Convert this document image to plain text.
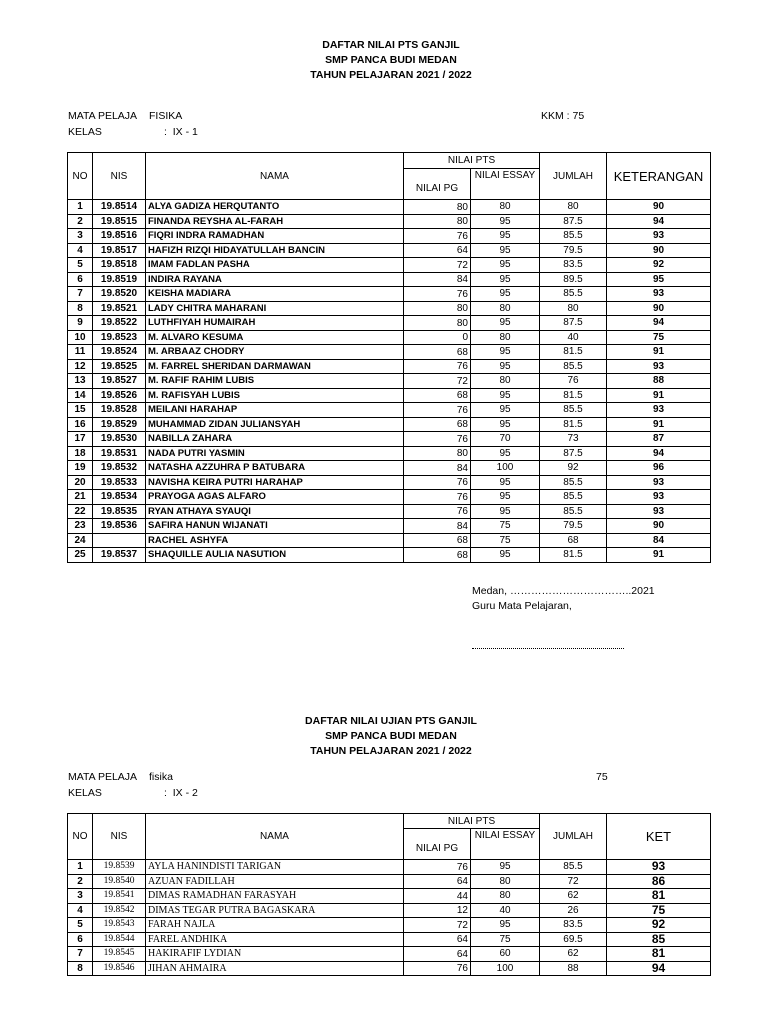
DAFTAR NILAI PTS GANJIL
SMP PANCA BUDI MEDAN
TAHUN PELAJARAN 2021 / 2022
MATA PELAJA FISIKA	KKM : 75
KELAS	:  IX - 1
NO	NIS	NAMA	NILAI PTS		JUMLAH	KETERANGAN
			NILAI PG	NILAI ESSAY		
1	19.8514	ALYA GADIZA HERQUTANTO	80	80	80	90
2	19.8515	FINANDA REYSHA AL-FARAH	80	95	87.5	94
3	19.8516	FIQRI INDRA RAMADHAN	76	95	85.5	93
4	19.8517	HAFIZH RIZQI HIDAYATULLAH BANCIN	64	95	79.5	90
5	19.8518	IMAM FADLAN PASHA	72	95	83.5	92
6	19.8519	INDIRA RAYANA	84	95	89.5	95
7	19.8520	KEISHA MADIARA	76	95	85.5	93
8	19.8521	LADY CHITRA MAHARANI	80	80	80	90
9	19.8522	LUTHFIYAH HUMAIRAH	80	95	87.5	94
10	19.8523	M. ALVARO KESUMA	0	80	40	75
11	19.8524	M. ARBAAZ CHODRY	68	95	81.5	91
12	19.8525	M. FARREL SHERIDAN DARMAWAN	76	95	85.5	93
13	19.8527	M. RAFIF RAHIM LUBIS	72	80	76	88
14	19.8526	M. RAFISYAH LUBIS	68	95	81.5	91
15	19.8528	MEILANI HARAHAP	76	95	85.5	93
16	19.8529	MUHAMMAD ZIDAN JULIANSYAH	68	95	81.5	91
17	19.8530	NABILLA ZAHARA	76	70	73	87
18	19.8531	NADA PUTRI YASMIN	80	95	87.5	94
19	19.8532	NATASHA AZZUHRA P BATUBARA	84	100	92	96
20	19.8533	NAVISHA KEIRA PUTRI HARAHAP	76	95	85.5	93
21	19.8534	PRAYOGA AGAS ALFARO	76	95	85.5	93
22	19.8535	RYAN ATHAYA SYAUQI	76	95	85.5	93
23	19.8536	SAFIRA HANUN WIJANATI	84	75	79.5	90
24		RACHEL ASHYFA	68	75	68	84
25	19.8537	SHAQUILLE AULIA NASUTION	68	95	81.5	91
Medan, ……………………………..2021
Guru Mata Pelajaran,
DAFTAR NILAI UJIAN PTS GANJIL
SMP PANCA BUDI MEDAN
TAHUN PELAJARAN 2021 / 2022
MATA PELAJA fisika	75
KELAS	:  IX - 2
NO	NIS	NAMA	NILAI PTS		JUMLAH	KET
			NILAI PG	NILAI ESSAY		
1	19.8539	AYLA HANINDISTI TARIGAN	76	95	85.5	93
2	19.8540	AZUAN FADILLAH	64	80	72	86
3	19.8541	DIMAS RAMADHAN FARASYAH	44	80	62	81
4	19.8542	DIMAS TEGAR PUTRA BAGASKARA	12	40	26	75
5	19.8543	FARAH NAJLA	72	95	83.5	92
6	19.8544	FAREL ANDHIKA	64	75	69.5	85
7	19.8545	HAKIRAFIF LYDIAN	64	60	62	81
8	19.8546	JIHAN AHMAIRA	76	100	88	94
